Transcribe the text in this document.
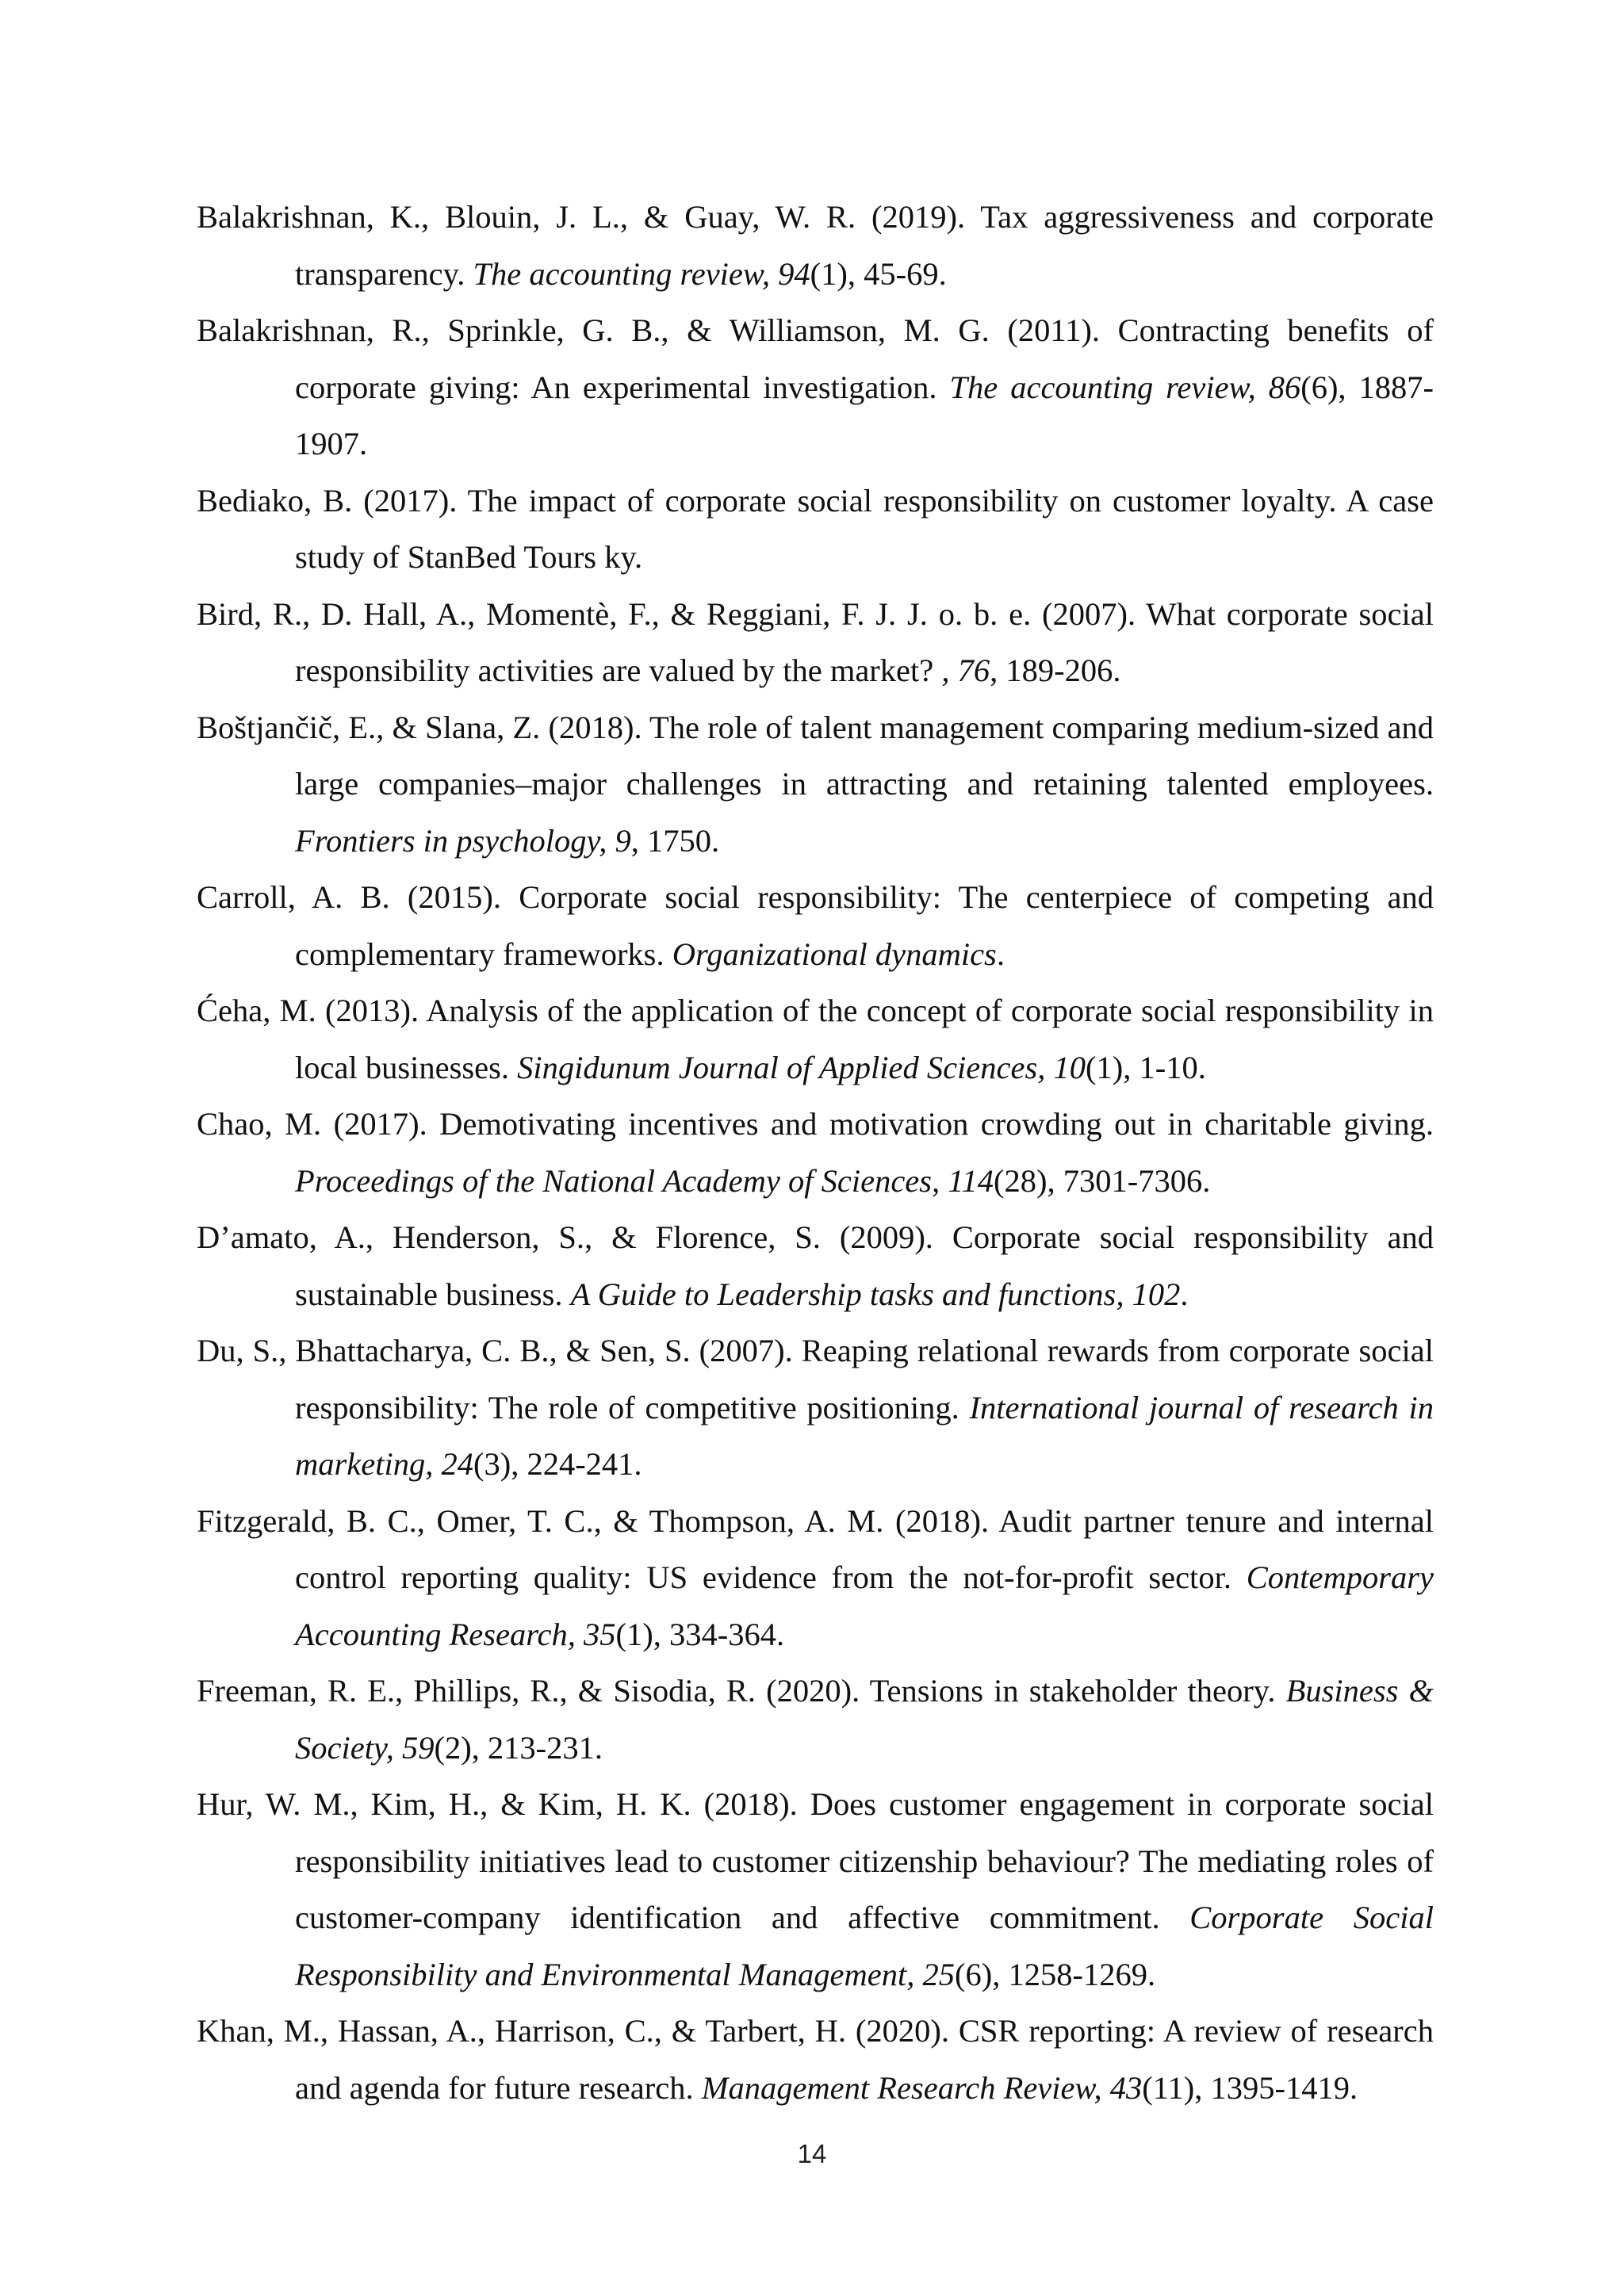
Balakrishnan, K., Blouin, J. L., & Guay, W. R. (2019). Tax aggressiveness and corporate transparency. The accounting review, 94(1), 45-69.

Balakrishnan, R., Sprinkle, G. B., & Williamson, M. G. (2011). Contracting benefits of corporate giving: An experimental investigation. The accounting review, 86(6), 1887-1907.

Bediako, B. (2017). The impact of corporate social responsibility on customer loyalty. A case study of StanBed Tours ky.

Bird, R., D. Hall, A., Momentè, F., & Reggiani, F. J. J. o. b. e. (2007). What corporate social responsibility activities are valued by the market? , 76, 189-206.

Boštjančič, E., & Slana, Z. (2018). The role of talent management comparing medium-sized and large companies–major challenges in attracting and retaining talented employees. Frontiers in psychology, 9, 1750.

Carroll, A. B. (2015). Corporate social responsibility: The centerpiece of competing and complementary frameworks. Organizational dynamics.

Ćeha, M. (2013). Analysis of the application of the concept of corporate social responsibility in local businesses. Singidunum Journal of Applied Sciences, 10(1), 1-10.

Chao, M. (2017). Demotivating incentives and motivation crowding out in charitable giving. Proceedings of the National Academy of Sciences, 114(28), 7301-7306.

D’amato, A., Henderson, S., & Florence, S. (2009). Corporate social responsibility and sustainable business. A Guide to Leadership tasks and functions, 102.

Du, S., Bhattacharya, C. B., & Sen, S. (2007). Reaping relational rewards from corporate social responsibility: The role of competitive positioning. International journal of research in marketing, 24(3), 224-241.

Fitzgerald, B. C., Omer, T. C., & Thompson, A. M. (2018). Audit partner tenure and internal control reporting quality: US evidence from the not-for-profit sector. Contemporary Accounting Research, 35(1), 334-364.

Freeman, R. E., Phillips, R., & Sisodia, R. (2020). Tensions in stakeholder theory. Business & Society, 59(2), 213-231.

Hur, W. M., Kim, H., & Kim, H. K. (2018). Does customer engagement in corporate social responsibility initiatives lead to customer citizenship behaviour? The mediating roles of customer-company identification and affective commitment. Corporate Social Responsibility and Environmental Management, 25(6), 1258-1269.

Khan, M., Hassan, A., Harrison, C., & Tarbert, H. (2020). CSR reporting: A review of research and agenda for future research. Management Research Review, 43(11), 1395-1419.

14
